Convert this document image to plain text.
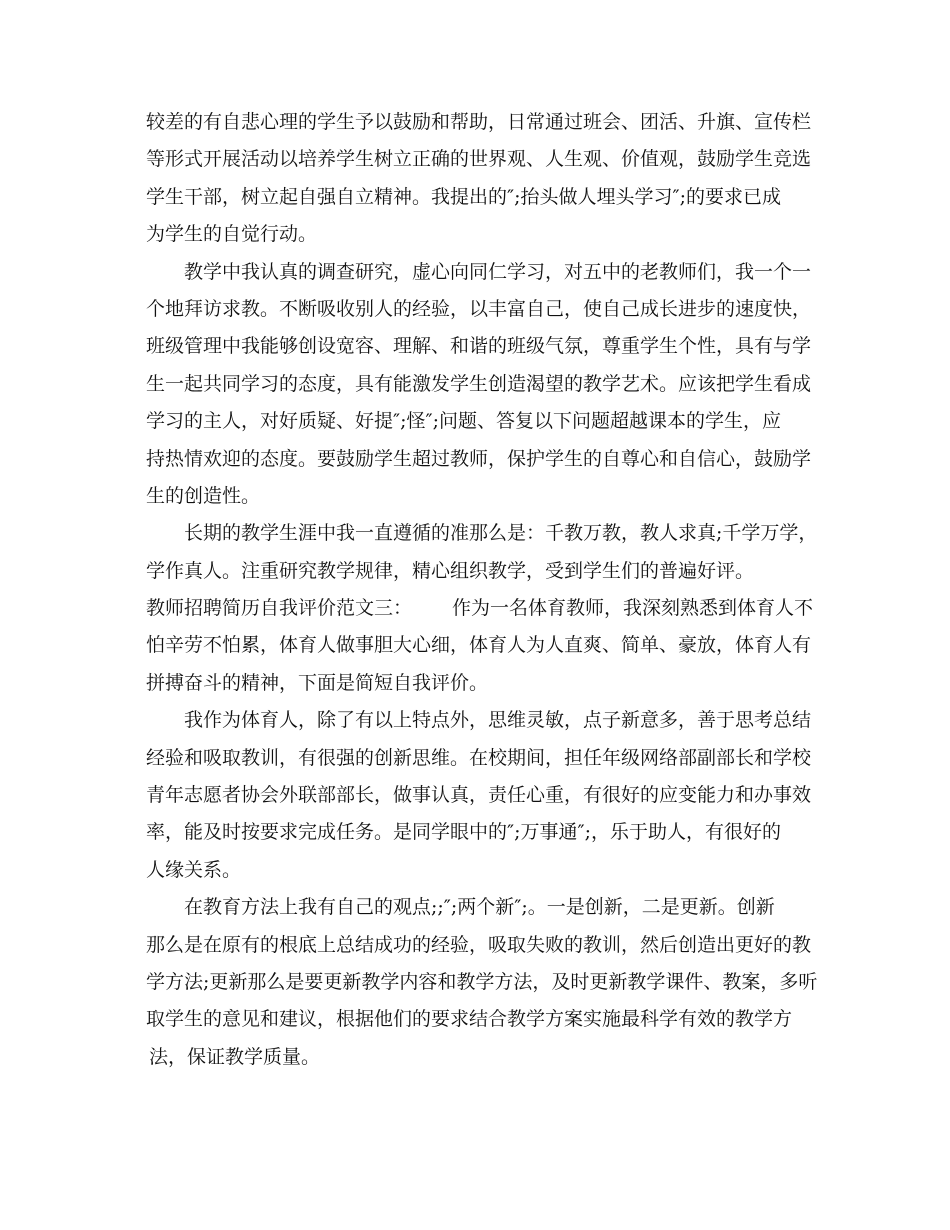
较差的有自悲心理的学生予以鼓励和帮助，日常通过班会、团活、升旗、宣传栏
等形式开展活动以培养学生树立正确的世界观、人生观、价值观，鼓励学生竞选
学生干部，树立起自强自立精神。我提出的″;抬头做人埋头学习″;的要求已成
为学生的自觉行动。
教学中我认真的调查研究，虚心向同仁学习，对五中的老教师们，我一个一
个地拜访求教。不断吸收别人的经验，以丰富自己，使自己成长进步的速度快，
班级管理中我能够创设宽容、理解、和谐的班级气氛，尊重学生个性，具有与学
生一起共同学习的态度，具有能激发学生创造渴望的教学艺术。应该把学生看成
学习的主人，对好质疑、好提″;怪″;问题、答复以下问题超越课本的学生，应
持热情欢迎的态度。要鼓励学生超过教师，保护学生的自尊心和自信心，鼓励学
生的创造性。
长期的教学生涯中我一直遵循的准那么是：千教万教，教人求真;千学万学，
学作真人。注重研究教学规律，精心组织教学，受到学生们的普遍好评。
教师招聘简历自我评价范文三： 作为一名体育教师，我深刻熟悉到体育人不
怕辛劳不怕累，体育人做事胆大心细，体育人为人直爽、简单、豪放，体育人有
拼搏奋斗的精神，下面是简短自我评价。
我作为体育人，除了有以上特点外，思维灵敏，点子新意多，善于思考总结
经验和吸取教训，有很强的创新思维。在校期间，担任年级网络部副部长和学校
青年志愿者协会外联部部长，做事认真，责任心重，有很好的应变能力和办事效
率，能及时按要求完成任务。是同学眼中的″;万事通″;，乐于助人，有很好的
人缘关系。
在教育方法上我有自己的观点;;″;两个新″;。一是创新，二是更新。创新
那么是在原有的根底上总结成功的经验，吸取失败的教训，然后创造出更好的教
学方法;更新那么是要更新教学内容和教学方法，及时更新教学课件、教案，多听
取学生的意见和建议，根据他们的要求结合教学方案实施最科学有效的教学方
法，保证教学质量。
